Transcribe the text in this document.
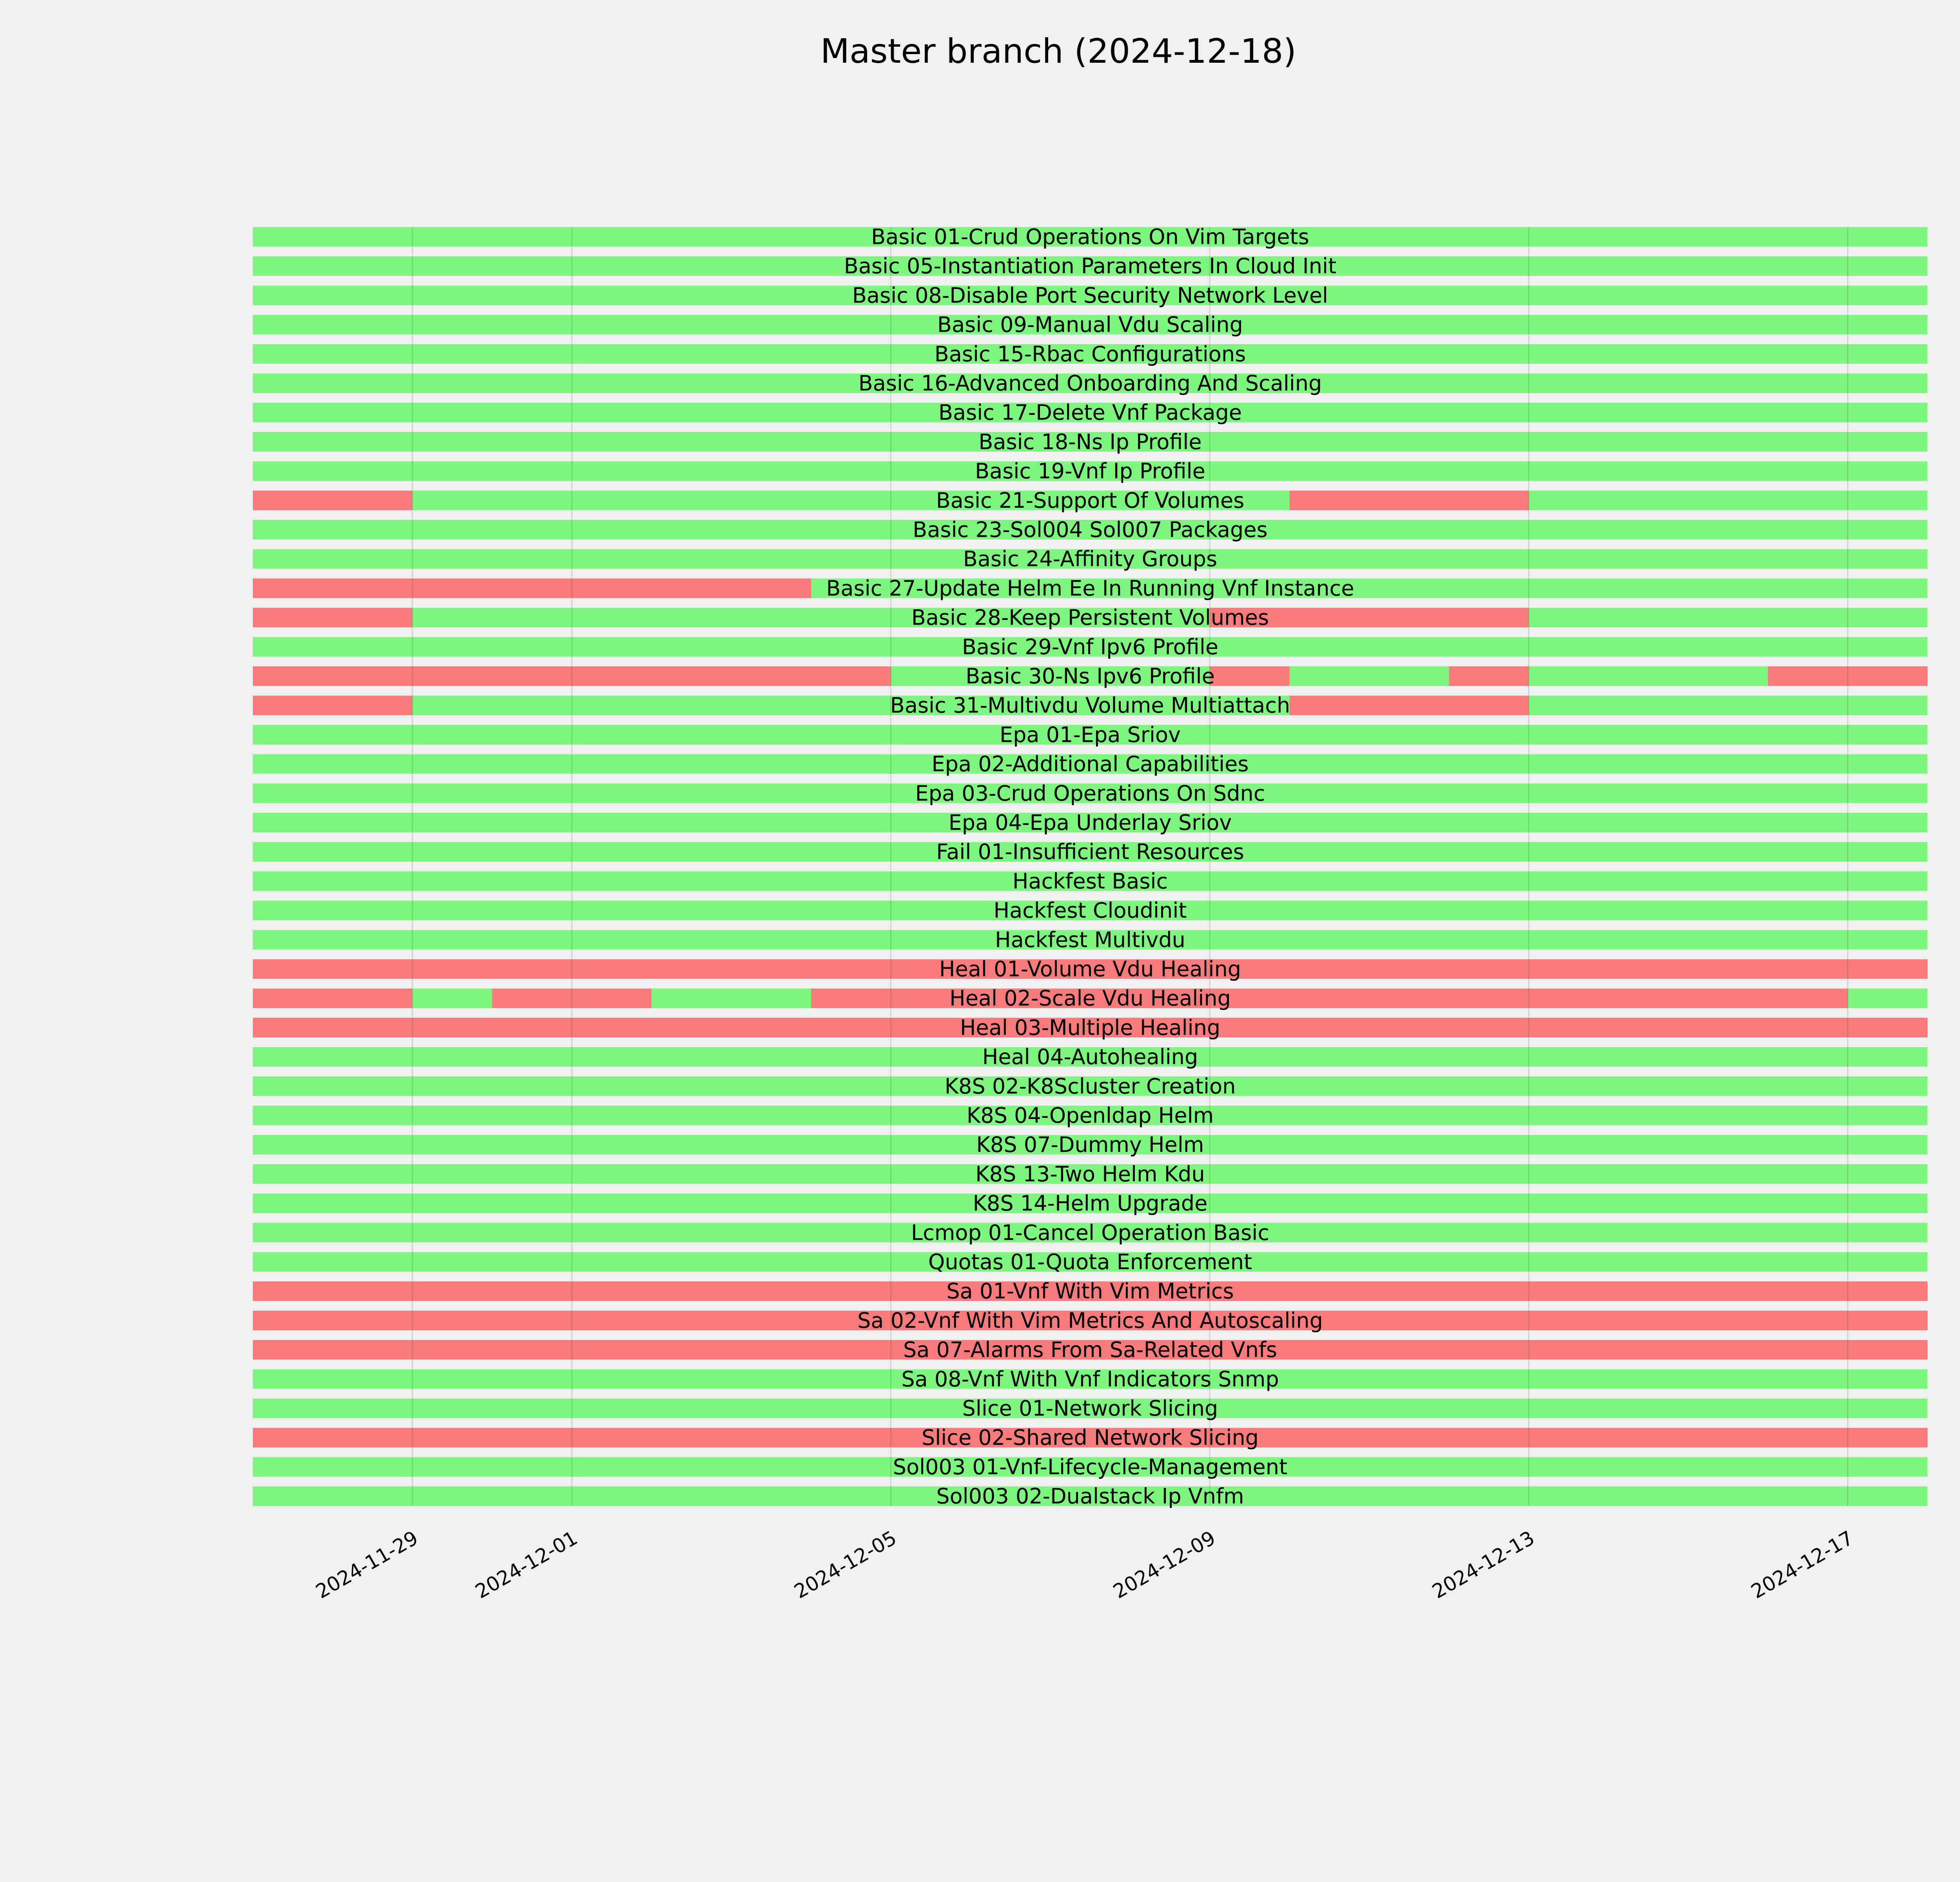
Master branch (2024-12-18)
Basic 01-Crud Operations On Vim Targets
Basic 05-Instantiation Parameters In Cloud Init
Basic 08-Disable Port Security Network Level
Basic 09-Manual Vdu Scaling
Basic 15-Rbac Configurations
Basic 16-Advanced Onboarding And Scaling
Basic 17-Delete Vnf Package
Basic 18-Ns Ip Profile
Basic 19-Vnf Ip Profile
Basic 21-Support Of Volumes
Basic 23-Sol004 Sol007 Packages
Basic 24-Affinity Groups
Basic 27-Update Helm Ee In Running Vnf Instance
Basic 28-Keep Persistent Volumes
Basic 29-Vnf Ipv6 Profile
Basic 30-Ns Ipv6 Profile
Basic 31-Multivdu Volume Multiattach
Epa 01-Epa Sriov
Epa 02-Additional Capabilities
Epa 03-Crud Operations On Sdnc
Epa 04-Epa Underlay Sriov
Fail 01-Insufficient Resources
Hackfest Basic
Hackfest Cloudinit
Hackfest Multivdu
Heal 01-Volume Vdu Healing
Heal 02-Scale Vdu Healing
Heal 03-Multiple Healing
Heal 04-Autohealing
K8S 02-K8Scluster Creation
K8S 04-Openldap Helm
K8S 07-Dummy Helm
K8S 13-Two Helm Kdu
K8S 14-Helm Upgrade
Lcmop 01-Cancel Operation Basic
Quotas 01-Quota Enforcement
Sa 01-Vnf With Vim Metrics
Sa 02-Vnf With Vim Metrics And Autoscaling
Sa 07-Alarms From Sa-Related Vnfs
Sa 08-Vnf With Vnf Indicators Snmp
Slice 01-Network Slicing
Slice 02-Shared Network Slicing
Sol003 01-Vnf-Lifecycle-Management
Sol003 02-Dualstack Ip Vnfm
2024-11-29	2024-12-01	2024-12-05	2024-12-09	2024-12-13	2024-12-17
